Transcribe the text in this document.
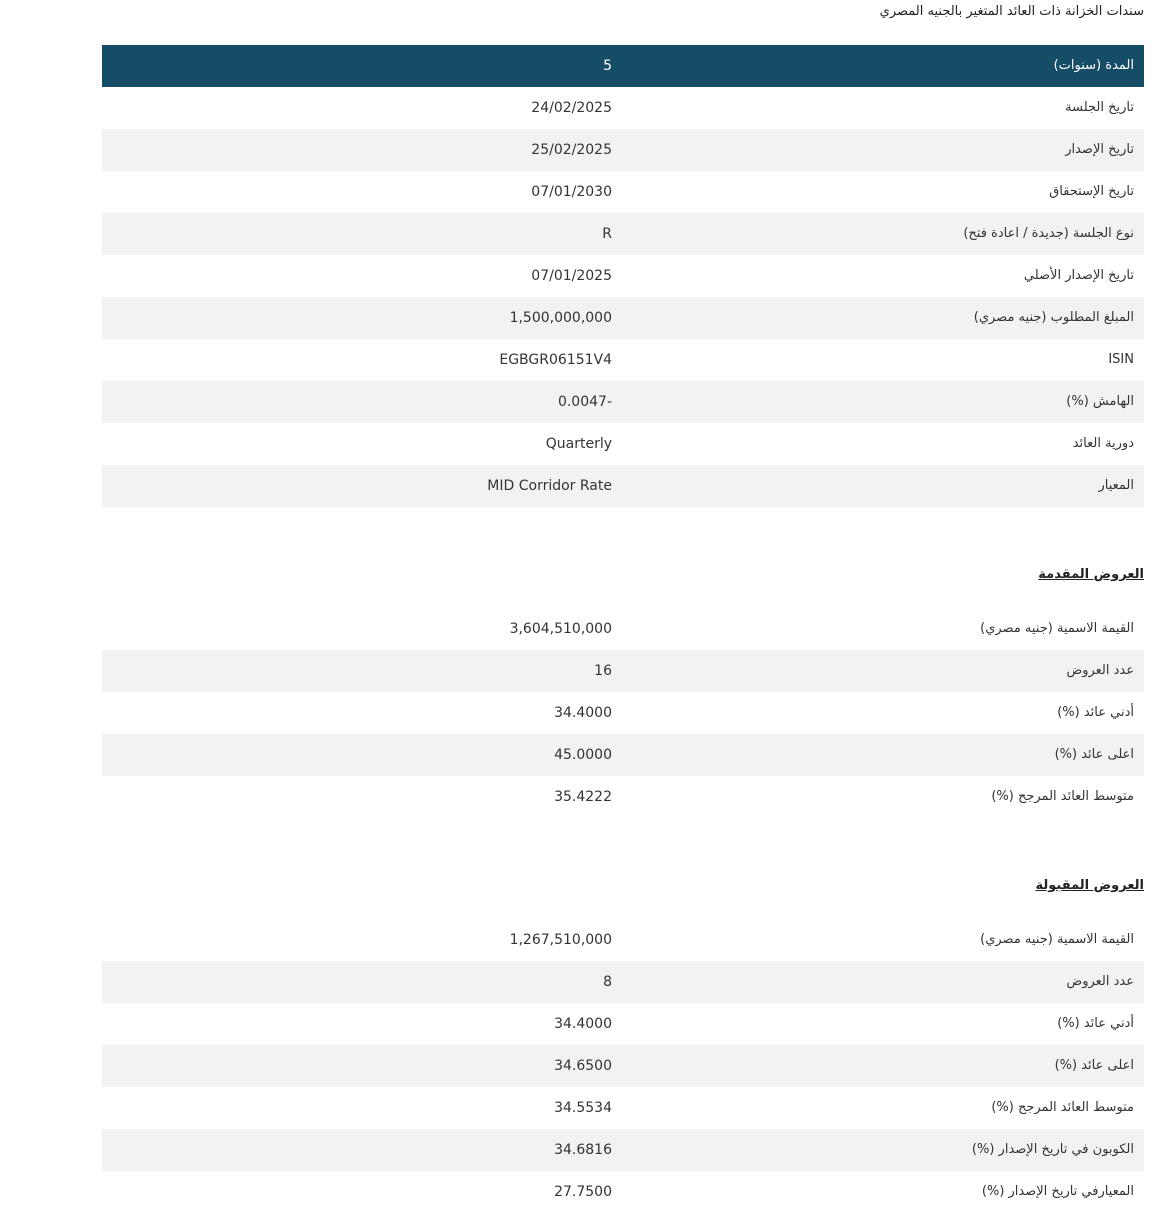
سندات الخزانة ذات العائد المتغير بالجنيه المصري
المدة (سنوات)
5
تاريخ الجلسة
24/02/2025
تاريخ الإصدار
25/02/2025
تاريخ الإستحقاق
07/01/2030
نوع الجلسة (جديدة / اعادة فتح)
R
تاريخ الإصدار الأصلي
07/01/2025
المبلغ المطلوب (جنيه مصري)
1,500,000,000
ISIN
EGBGR06151V4
الهامش (%)
0.0047-
دورية العائد
Quarterly
المعيار
MID Corridor Rate
العروض المقدمة
القيمة الاسمية (جنيه مصري)
3,604,510,000
عدد العروض
16
أدني عائد (%)
34.4000
اعلى عائد (%)
45.0000
متوسط العائد المرجح (%)
35.4222
العروض المقبولة
القيمة الاسمية (جنيه مصري)
1,267,510,000
عدد العروض
8
أدني عائد (%)
34.4000
اعلى عائد (%)
34.6500
متوسط العائد المرجح (%)
34.5534
الكوبون في تاريخ الإصدار (%)
34.6816
المعيارفي تاريخ الإصدار (%)
27.7500
